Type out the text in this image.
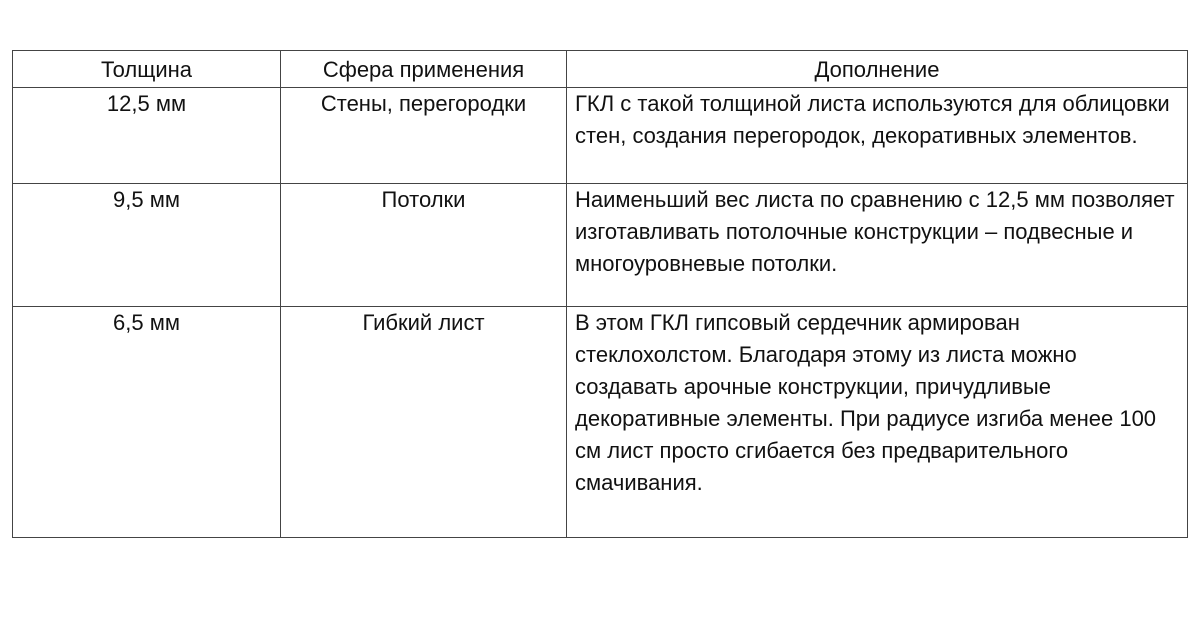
Толщина	Сфера применения	Дополнение
12,5 мм	Стены, перегородки	ГКЛ с такой толщиной листа используются для облицовки стен, создания перегородок, декоративных элементов.
9,5 мм	Потолки	Наименьший вес листа по сравнению с 12,5 мм позволяет изготавливать потолочные конструкции – подвесные и многоуровневые потолки.
6,5 мм	Гибкий лист	В этом ГКЛ гипсовый сердечник армирован стеклохолстом. Благодаря этому из листа можно создавать арочные конструкции, причудливые декоративные элементы. При радиусе изгиба менее 100 см лист просто сгибается без предварительного смачивания.
